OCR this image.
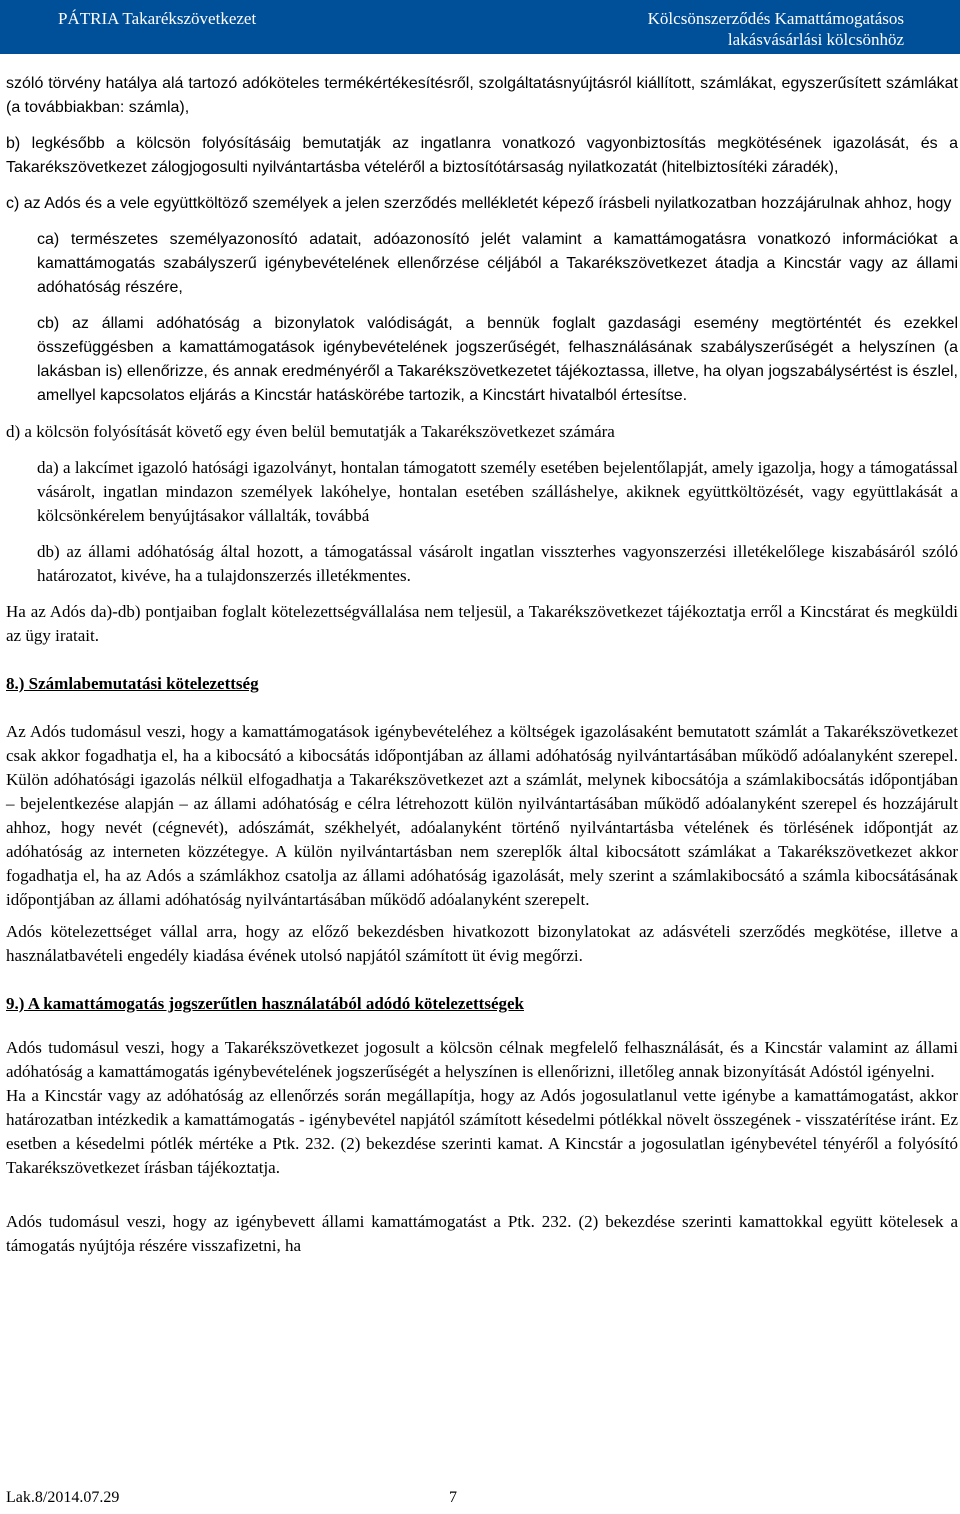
PÁTRIA Takarékszövetkezet	Kölcsönszerződés Kamattámogatásos lakásvásárlási kölcsönhöz

szóló törvény hatálya alá tartozó adóköteles termékértékesítésről, szolgáltatásnyújtásról kiállított, számlákat, egyszerűsített számlákat (a továbbiakban: számla),

b) legkésőbb a kölcsön folyósításáig bemutatják az ingatlanra vonatkozó vagyonbiztosítás megkötésének igazolását, és a Takarékszövetkezet zálogjogosulti nyilvántartásba vételéről a biztosítótársaság nyilatkozatát (hitelbiztosítéki záradék),

c) az Adós és a vele együttköltöző személyek a jelen szerződés mellékletét képező írásbeli nyilatkozatban hozzájárulnak ahhoz, hogy

ca) természetes személyazonosító adatait, adóazonosító jelét valamint a kamattámogatásra vonatkozó információkat a kamattámogatás szabályszerű igénybevételének ellenőrzése céljából a Takarékszövetkezet átadja a Kincstár vagy az állami adóhatóság részére,

cb) az állami adóhatóság a bizonylatok valódiságát, a bennük foglalt gazdasági esemény megtörténtét és ezekkel összefüggésben a kamattámogatások igénybevételének jogszerűségét, felhasználásának szabályszerűségét a helyszínen (a lakásban is) ellenőrizze, és annak eredményéről a Takarékszövetkezetet tájékoztassa, illetve, ha olyan jogszabálysértést is észlel, amellyel kapcsolatos eljárás a Kincstár hatáskörébe tartozik, a Kincstárt hivatalból értesítse.

d) a kölcsön folyósítását követő egy éven belül bemutatják a Takarékszövetkezet számára

da) a lakcímet igazoló hatósági igazolványt, hontalan támogatott személy esetében bejelentőlapját, amely igazolja, hogy a támogatással vásárolt, ingatlan mindazon személyek lakóhelye, hontalan esetében szálláshelye, akiknek együttköltözését, vagy együttlakását a kölcsönkérelem benyújtásakor vállalták, továbbá

db) az állami adóhatóság által hozott, a támogatással vásárolt ingatlan visszterhes vagyonszerzési illetékelőlege kiszabásáról szóló határozatot, kivéve, ha a tulajdonszerzés illetékmentes.

Ha az Adós da)-db) pontjaiban foglalt kötelezettségvállalása nem teljesül, a Takarékszövetkezet tájékoztatja erről a Kincstárat és megküldi az ügy iratait.

8.) Számlabemutatási kötelezettség

Az Adós tudomásul veszi, hogy a kamattámogatások igénybevételéhez a költségek igazolásaként bemutatott számlát a Takarékszövetkezet csak akkor fogadhatja el, ha a kibocsátó a kibocsátás időpontjában az állami adóhatóság nyilvántartásában működő adóalanyként szerepel. Külön adóhatósági igazolás nélkül elfogadhatja a Takarékszövetkezet azt a számlát, melynek kibocsátója a számlakibocsátás időpontjában – bejelentkezése alapján – az állami adóhatóság e célra létrehozott külön nyilvántartásában működő adóalanyként szerepel és hozzájárult ahhoz, hogy nevét (cégnevét), adószámát, székhelyét, adóalanyként történő nyilvántartásba vételének és törlésének időpontját az adóhatóság az interneten közzétegye. A külön nyilvántartásban nem szereplők által kibocsátott számlákat a Takarékszövetkezet akkor fogadhatja el, ha az Adós a számlákhoz csatolja az állami adóhatóság igazolását, mely szerint a számlakibocsátó a számla kibocsátásának időpontjában az állami adóhatóság nyilvántartásában működő adóalanyként szerepelt.

Adós kötelezettséget vállal arra, hogy az előző bekezdésben hivatkozott bizonylatokat az adásvételi szerződés megkötése, illetve a használatbavételi engedély kiadása évének utolsó napjától számított üt évig megőrzi.

9.) A kamattámogatás jogszerűtlen használatából adódó kötelezettségek

Adós tudomásul veszi, hogy a Takarékszövetkezet jogosult a kölcsön célnak megfelelő felhasználását, és a Kincstár valamint az állami adóhatóság a kamattámogatás igénybevételének jogszerűségét a helyszínen is ellenőrizni, illetőleg annak bizonyítását Adóstól igényelni.

Ha a Kincstár vagy az adóhatóság az ellenőrzés során megállapítja, hogy az Adós jogosulatlanul vette igénybe a kamattámogatást, akkor határozatban intézkedik a kamattámogatás - igénybevétel napjától számított késedelmi pótlékkal növelt összegének - visszatérítése iránt. Ez esetben a késedelmi pótlék mértéke a Ptk. 232. (2) bekezdése szerinti kamat. A Kincstár a jogosulatlan igénybevétel tényéről a folyósító Takarékszövetkezet írásban tájékoztatja.

Adós tudomásul veszi, hogy az igénybevett állami kamattámogatást a Ptk. 232. (2) bekezdése szerinti kamattokkal együtt kötelesek a támogatás nyújtója részére visszafizetni, ha

Lak.8/2014.07.29	7
